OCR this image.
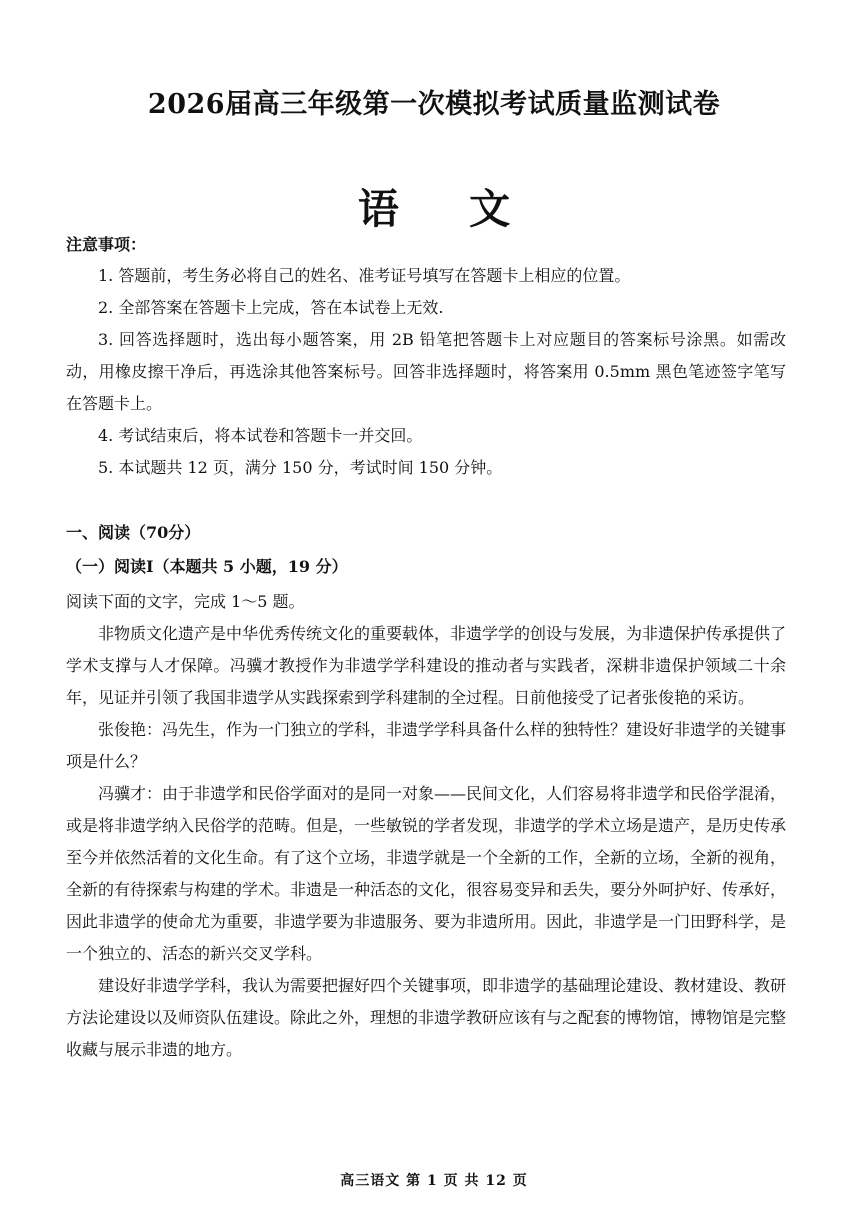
2026届高三年级第一次模拟考试质量监测试卷
语 文
注意事项：

1. 答题前，考生务必将自己的姓名、准考证号填写在答题卡上相应的位置。

2. 全部答案在答题卡上完成，答在本试卷上无效.

3. 回答选择题时，选出每小题答案，用 2B 铅笔把答题卡上对应题目的答案标号涂黑。如需改动，用橡皮擦干净后，再选涂其他答案标号。回答非选择题时，将答案用 0.5mm 黑色笔迹签字笔写在答题卡上。

4. 考试结束后，将本试卷和答题卡一并交回。

5. 本试题共 12 页，满分 150 分，考试时间 150 分钟。

一、阅读（70分）
（一）阅读Ⅰ（本题共 5 小题，19 分）
阅读下面的文字，完成 1～5 题。

非物质文化遗产是中华优秀传统文化的重要载体，非遗学学的创设与发展，为非遗保护传承提供了学术支撑与人才保障。冯骥才教授作为非遗学学科建设的推动者与实践者，深耕非遗保护领域二十余年，见证并引领了我国非遗学从实践探索到学科建制的全过程。日前他接受了记者张俊艳的采访。

张俊艳：冯先生，作为一门独立的学科，非遗学学科具备什么样的独特性？建设好非遗学的关键事项是什么？

冯骥才：由于非遗学和民俗学面对的是同一对象——民间文化，人们容易将非遗学和民俗学混淆，或是将非遗学纳入民俗学的范畴。但是，一些敏锐的学者发现，非遗学的学术立场是遗产，是历史传承至今并依然活着的文化生命。有了这个立场，非遗学就是一个全新的工作，全新的立场，全新的视角，全新的有待探索与构建的学术。非遗是一种活态的文化，很容易变异和丢失，要分外呵护好、传承好，因此非遗学的使命尤为重要，非遗学要为非遗服务、要为非遗所用。因此，非遗学是一门田野科学，是一个独立的、活态的新兴交叉学科。

建设好非遗学学科，我认为需要把握好四个关键事项，即非遗学的基础理论建设、教材建设、教研方法论建设以及师资队伍建设。除此之外，理想的非遗学教研应该有与之配套的博物馆，博物馆是完整收藏与展示非遗的地方。

高三语文 第 1 页 共 12 页
